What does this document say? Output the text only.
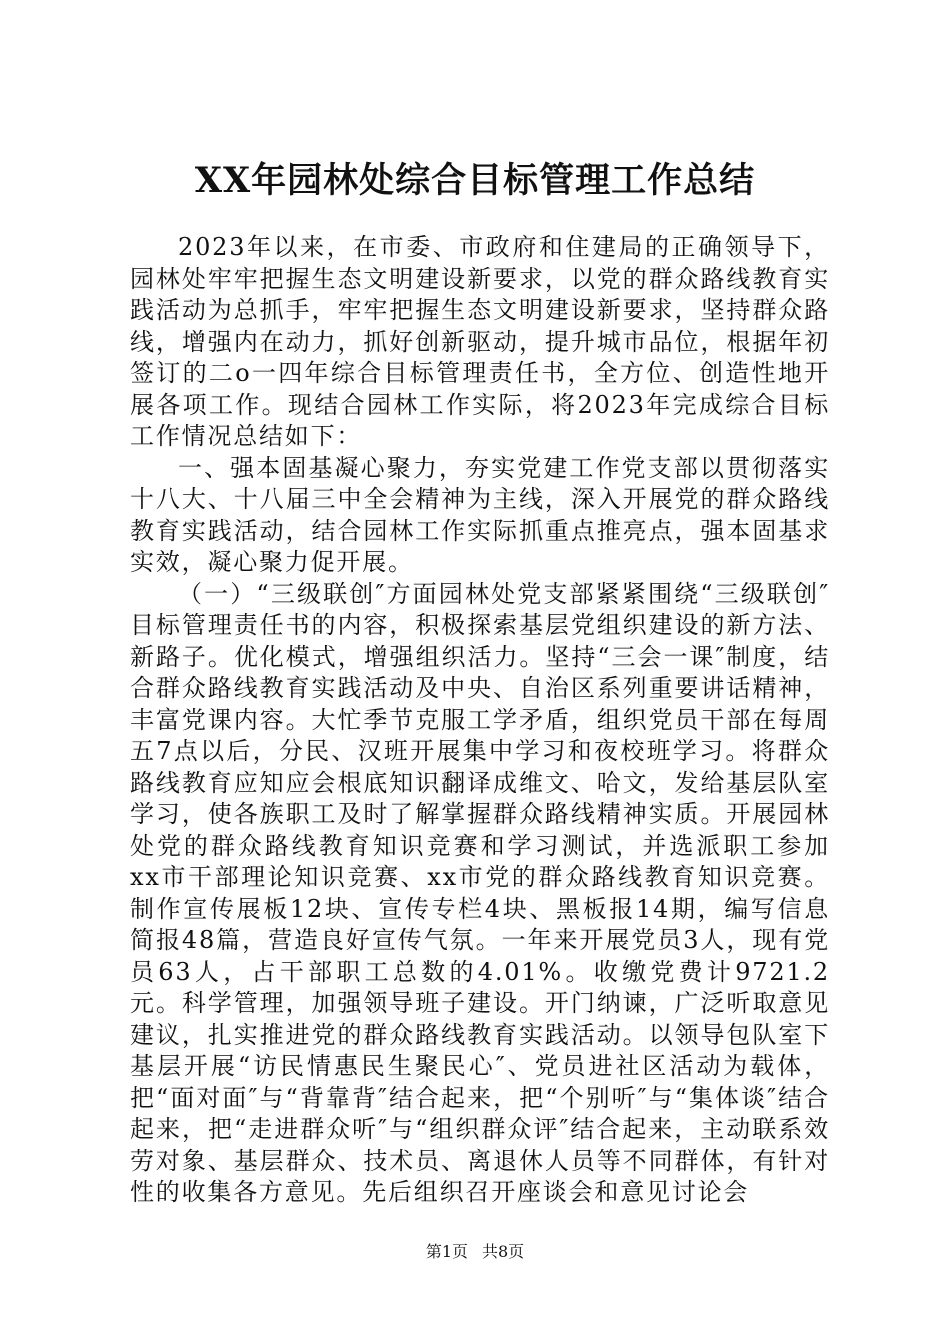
XX年园林处综合目标管理工作总结

2023年以来，在市委、市政府和住建局的正确领导下，园林处牢牢把握生态文明建设新要求，以党的群众路线教育实践活动为总抓手，牢牢把握生态文明建设新要求，坚持群众路线，增强内在动力，抓好创新驱动，提升城市品位，根据年初签订的二o一四年综合目标管理责任书，全方位、创造性地开展各项工作。现结合园林工作实际，将2023年完成综合目标工作情况总结如下：

一、强本固基凝心聚力，夯实党建工作党支部以贯彻落实十八大、十八届三中全会精神为主线，深入开展党的群众路线教育实践活动，结合园林工作实际抓重点推亮点，强本固基求实效，凝心聚力促开展。

（一）“三级联创″方面园林处党支部紧紧围绕“三级联创″目标管理责任书的内容，积极探索基层党组织建设的新方法、新路子。优化模式，增强组织活力。坚持“三会一课″制度，结合群众路线教育实践活动及中央、自治区系列重要讲话精神，丰富党课内容。大忙季节克服工学矛盾，组织党员干部在每周五7点以后，分民、汉班开展集中学习和夜校班学习。将群众路线教育应知应会根底知识翻译成维文、哈文，发给基层队室学习，使各族职工及时了解掌握群众路线精神实质。开展园林处党的群众路线教育知识竞赛和学习测试，并选派职工参加xx市干部理论知识竞赛、xx市党的群众路线教育知识竞赛。制作宣传展板12块、宣传专栏4块、黑板报14期，编写信息简报48篇，营造良好宣传气氛。一年来开展党员3人，现有党员63人，占干部职工总数的4.01%。收缴党费计9721.2元。科学管理，加强领导班子建设。开门纳谏，广泛听取意见建议，扎实推进党的群众路线教育实践活动。以领导包队室下基层开展“访民情惠民生聚民心″、党员进社区活动为载体，把“面对面″与“背靠背″结合起来，把“个别听″与“集体谈″结合起来，把“走进群众听″与“组织群众评″结合起来，主动联系效劳对象、基层群众、技术员、离退休人员等不同群体，有针对性的收集各方意见。先后组织召开座谈会和意见讨论会

第1页 共8页
